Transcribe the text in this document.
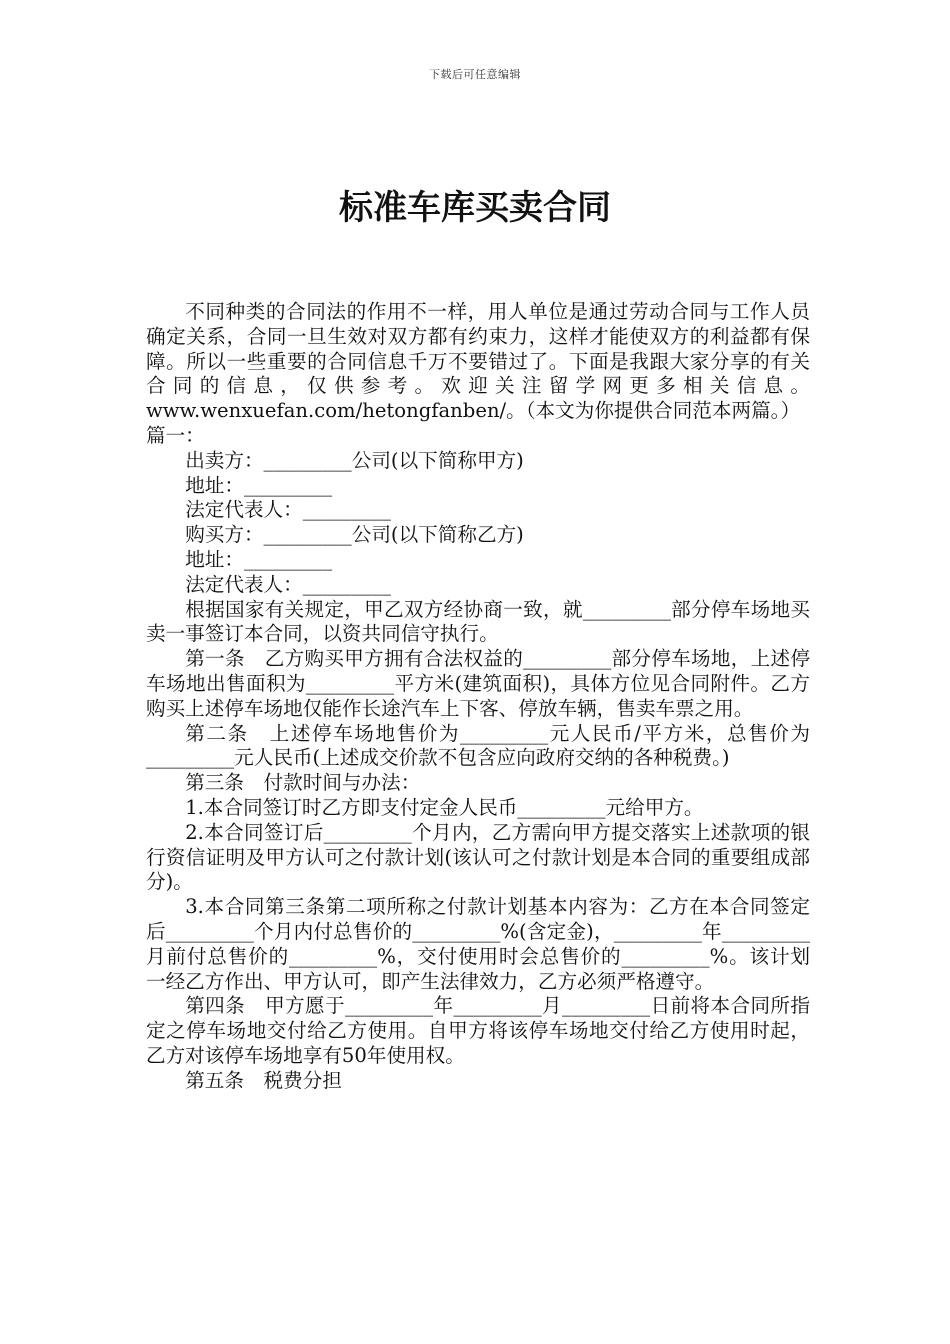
下载后可任意编辑
标准车库买卖合同

不同种类的合同法的作用不一样，用人单位是通过劳动合同与工作人员确定关系，合同一旦生效对双方都有约束力，这样才能使双方的利益都有保障。所以一些重要的合同信息千万不要错过了。下面是我跟大家分享的有关合同的信息，仅供参考。欢迎关注留学网更多相关信息。www.wenxuefan.com/hetongfanben/。（本文为你提供合同范本两篇。）

篇一：

出卖方：_________公司(以下简称甲方)

地址：_________

法定代表人：_________

购买方：_________公司(以下简称乙方)

地址：_________

法定代表人：_________

根据国家有关规定，甲乙双方经协商一致，就_________部分停车场地买卖一事签订本合同，以资共同信守执行。

第一条　乙方购买甲方拥有合法权益的_________部分停车场地，上述停车场地出售面积为_________平方米(建筑面积)，具体方位见合同附件。乙方购买上述停车场地仅能作长途汽车上下客、停放车辆，售卖车票之用。

第二条　上述停车场地售价为_________元人民币/平方米，总售价为_________元人民币(上述成交价款不包含应向政府交纳的各种税费。)

第三条　付款时间与办法：

1.本合同签订时乙方即支付定金人民币_________元给甲方。

2.本合同签订后_________个月内，乙方需向甲方提交落实上述款项的银行资信证明及甲方认可之付款计划(该认可之付款计划是本合同的重要组成部分)。

3.本合同第三条第二项所称之付款计划基本内容为：乙方在本合同签定后_________个月内付总售价的_________%(含定金)，_________年_________月前付总售价的_________%，交付使用时会总售价的_________%。该计划一经乙方作出、甲方认可，即产生法律效力，乙方必须严格遵守。

第四条　甲方愿于_________年_________月_________日前将本合同所指定之停车场地交付给乙方使用。自甲方将该停车场地交付给乙方使用时起，乙方对该停车场地享有50年使用权。

第五条　税费分担
